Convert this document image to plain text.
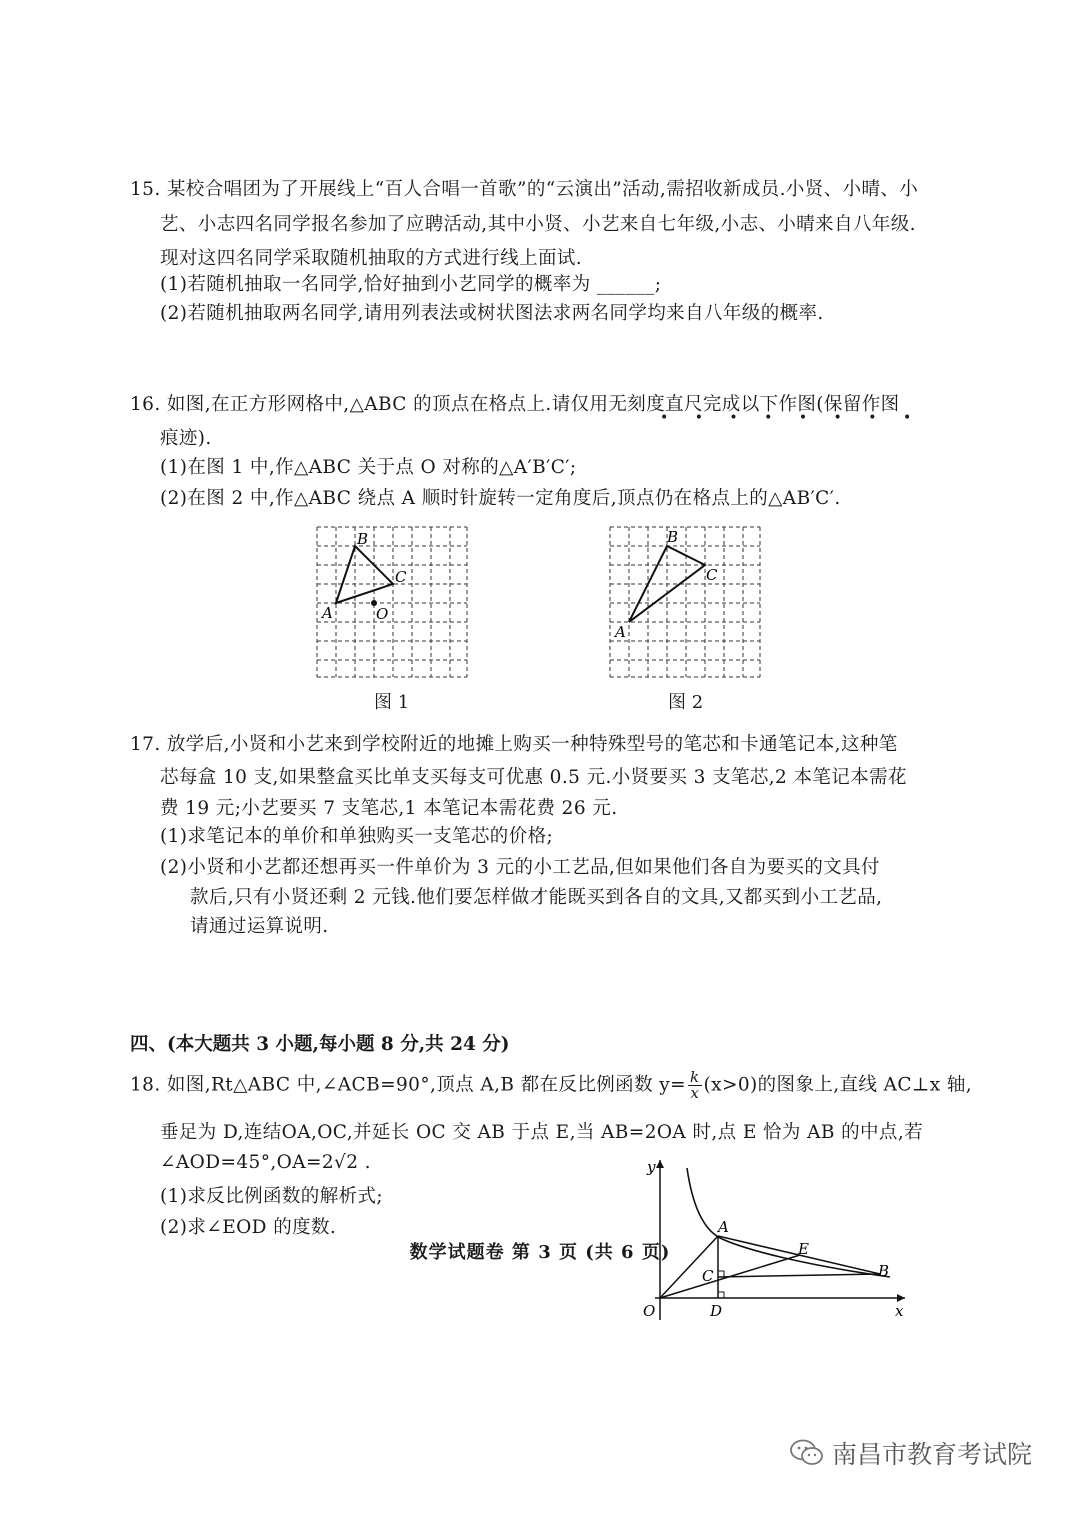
15. 某校合唱团为了开展线上“百人合唱一首歌”的“云演出”活动,需招收新成员.小贤、小晴、小
艺、小志四名同学报名参加了应聘活动,其中小贤、小艺来自七年级,小志、小晴来自八年级.
现对这四名同学采取随机抽取的方式进行线上面试.
(1)若随机抽取一名同学,恰好抽到小艺同学的概率为 ______;
(2)若随机抽取两名同学,请用列表法或树状图法求两名同学均来自八年级的概率.
16. 如图,在正方形网格中,△ABC 的顶点在格点上.请仅用无刻度直尺完成以下作图(保留作图
• • • • • • • •
痕迹).
(1)在图 1 中,作△ABC 关于点 O 对称的△A′B′C′;
(2)在图 2 中,作△ABC 绕点 A 顺时针旋转一定角度后,顶点仍在格点上的△AB′C′.
A
B
C
O
图 1
A
B
C
图 2
17. 放学后,小贤和小艺来到学校附近的地摊上购买一种特殊型号的笔芯和卡通笔记本,这种笔
芯每盒 10 支,如果整盒买比单支买每支可优惠 0.5 元.小贤要买 3 支笔芯,2 本笔记本需花
费 19 元;小艺要买 7 支笔芯,1 本笔记本需花费 26 元.
(1)求笔记本的单价和单独购买一支笔芯的价格;
(2)小贤和小艺都还想再买一件单价为 3 元的小工艺品,但如果他们各自为要买的文具付
款后,只有小贤还剩 2 元钱.他们要怎样做才能既买到各自的文具,又都买到小工艺品,
请通过运算说明.
四、(本大题共 3 小题,每小题 8 分,共 24 分)
18. 如图,Rt△ABC 中,∠ACB=90°,顶点 A,B 都在反比例函数 $y= \frac{k}{x} (x>0)$的图象上,直线 AC⊥x 轴,
垂足为 D,连结OA,OC,并延长 OC 交 AB 于点 E,当 AB=2OA 时,点 E 恰为 AB 的中点,若
∠AOD=45°,OA=2√2 .
(1)求反比例函数的解析式;
(2)求∠EOD 的度数.
y
x
O
A
B
C
D
E
数学试题卷 第 3 页 (共 6 页)
南昌市教育考试院
